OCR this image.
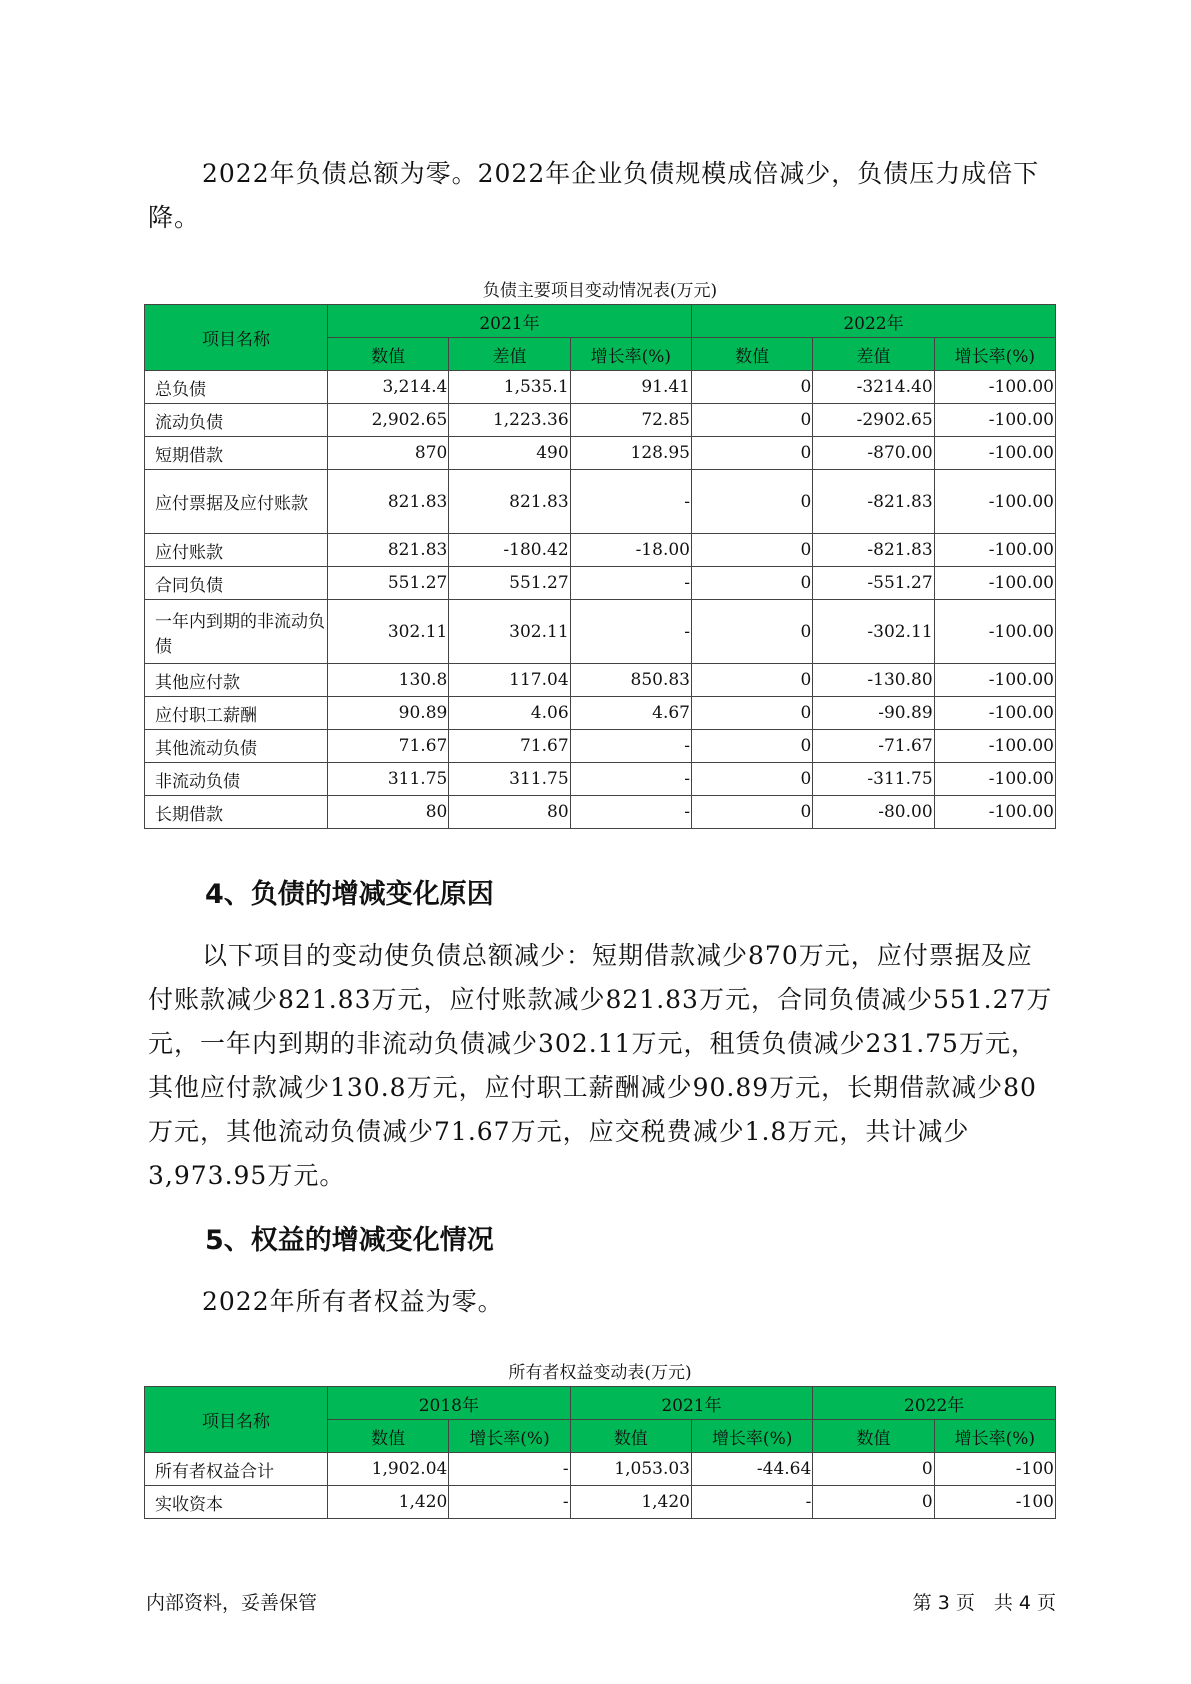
2022年负债总额为零。2022年企业负债规模成倍减少，负债压力成倍下降。

负债主要项目变动情况表(万元)
项目名称	2021年			2022年		
	数值	差值	增长率(%)	数值	差值	增长率(%)
总负债	3,214.4	1,535.1	91.41	0	-3214.40	-100.00
流动负债	2,902.65	1,223.36	72.85	0	-2902.65	-100.00
短期借款	870	490	128.95	0	-870.00	-100.00
应付票据及应付账款	821.83	821.83	-	0	-821.83	-100.00
应付账款	821.83	-180.42	-18.00	0	-821.83	-100.00
合同负债	551.27	551.27	-	0	-551.27	-100.00
一年内到期的非流动负债	302.11	302.11	-	0	-302.11	-100.00
其他应付款	130.8	117.04	850.83	0	-130.80	-100.00
应付职工薪酬	90.89	4.06	4.67	0	-90.89	-100.00
其他流动负债	71.67	71.67	-	0	-71.67	-100.00
非流动负债	311.75	311.75	-	0	-311.75	-100.00
长期借款	80	80	-	0	-80.00	-100.00
4、负债的增减变化原因

以下项目的变动使负债总额减少：短期借款减少870万元，应付票据及应付账款减少821.83万元，应付账款减少821.83万元，合同负债减少551.27万元，一年内到期的非流动负债减少302.11万元，租赁负债减少231.75万元，其他应付款减少130.8万元，应付职工薪酬减少90.89万元，长期借款减少80万元，其他流动负债减少71.67万元，应交税费减少1.8万元，共计减少3,973.95万元。

5、权益的增减变化情况

2022年所有者权益为零。

所有者权益变动表(万元)
项目名称	2018年		2021年		2022年	
	数值	增长率(%)	数值	增长率(%)	数值	增长率(%)
所有者权益合计	1,902.04	-	1,053.03	-44.64	0	-100
实收资本	1,420	-	1,420	-	0	-100
内部资料，妥善保管	第 3 页　共 4 页
